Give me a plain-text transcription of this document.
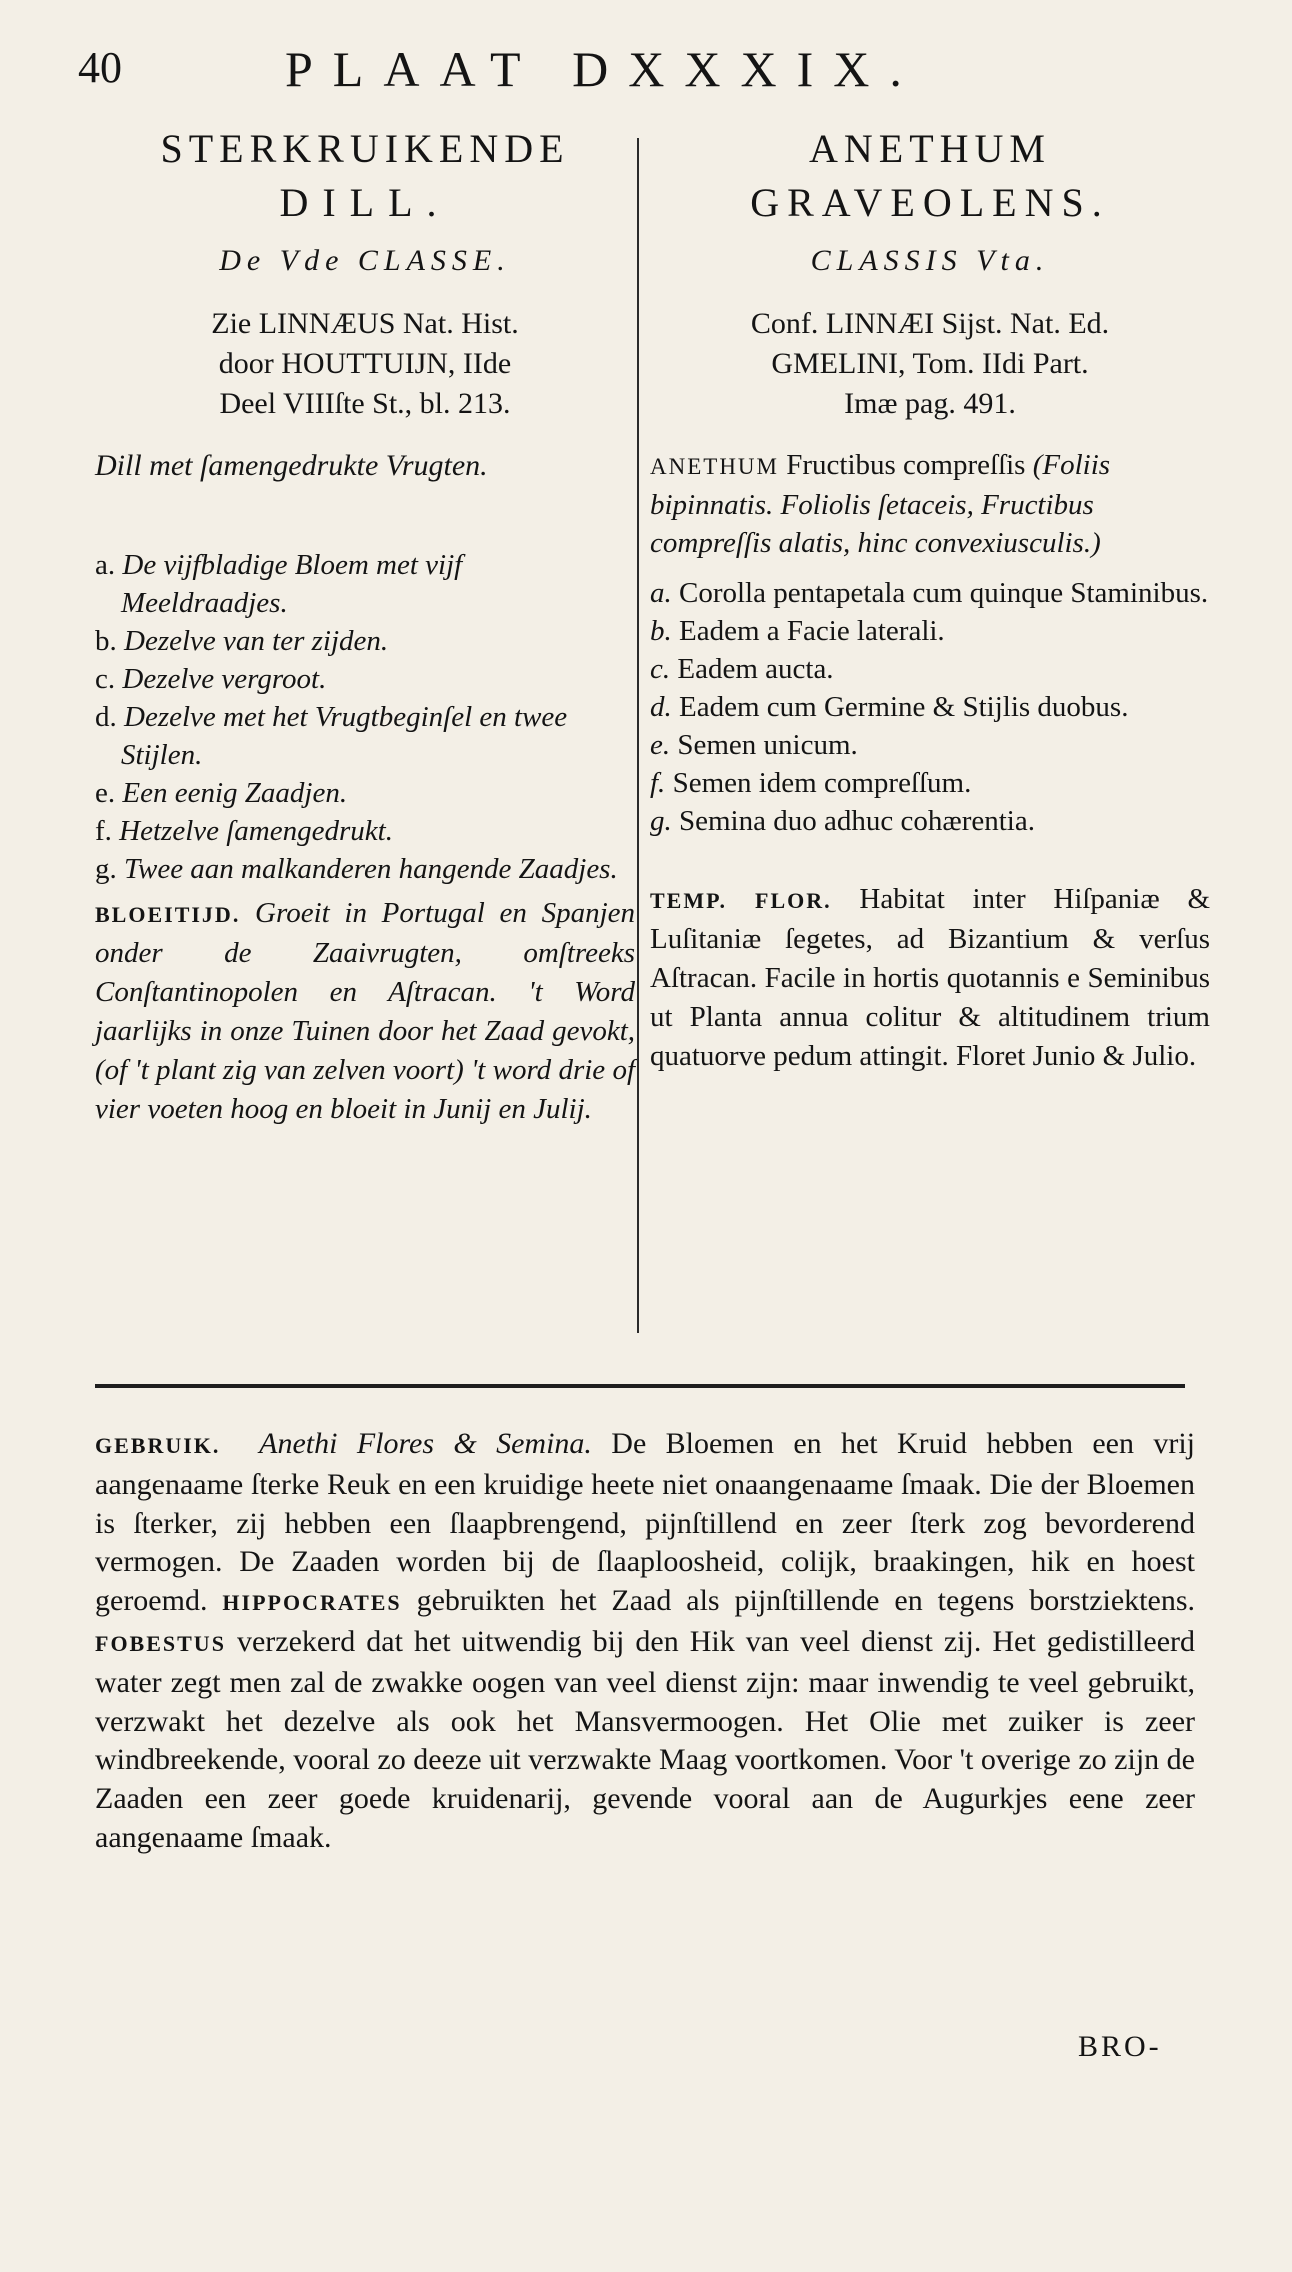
40	PLAAT DXXXIX.

STERKRUIKENDE

DILL.

De Vde CLASSE.

Zie LINNÆUS Nat. Hist.
door HOUTTUIJN, IIde
Deel VIIIſte St., bl. 213.

Dill met ſamengedrukte Vrugten.

a. De vijfbladige Bloem met vijf Meeldraadjes.

b. Dezelve van ter zijden.

c. Dezelve vergroot.

d. Dezelve met het Vrugtbeginſel en twee Stijlen.

e. Een eenig Zaadjen.

f. Hetzelve ſamengedrukt.

g. Twee aan malkanderen hangende Zaadjes.

BLOEITIJD. Groeit in Portugal en Spanjen onder de Zaaivrugten, omſtreeks Conſtantinopolen en Aſtracan. 't Word jaarlijks in onze Tuinen door het Zaad gevokt, (of 't plant zig van zelven voort) 't word drie of vier voeten hoog en bloeit in Junij en Julij.

ANETHUM

GRAVEOLENS.

CLASSIS Vta.

Conf. LINNÆI Sijst. Nat. Ed.
GMELINI, Tom. IIdi Part.
Imæ pag. 491.

ANETHUM Fructibus compreſſis (Foliis bipinnatis. Foliolis ſetaceis, Fructibus compreſſis alatis, hinc convexiusculis.)

a. Corolla pentapetala cum quinque Staminibus.

b. Eadem a Facie laterali.

c. Eadem aucta.

d. Eadem cum Germine & Stijlis duobus.

e. Semen unicum.

f. Semen idem compreſſum.

g. Semina duo adhuc cohærentia.

TEMP. FLOR. Habitat inter Hiſpaniæ & Luſitaniæ ſegetes, ad Bizantium & verſus Aſtracan. Facile in hortis quotannis e Seminibus ut Planta annua colitur & altitudinem trium quatuorve pedum attingit. Floret Junio & Julio.

GEBRUIK. Anethi Flores & Semina. De Bloemen en het Kruid hebben een vrij aangenaame ſterke Reuk en een kruidige heete niet onaangenaame ſmaak. Die der Bloemen is ſterker, zij hebben een ſlaapbrengend, pijnſtillend en zeer ſterk zog bevorderend vermogen. De Zaaden worden bij de ſlaaploosheid, colijk, braakingen, hik en hoest geroemd. HIPPOCRATES gebruikten het Zaad als pijnſtillende en tegens borstziektens. FOBESTUS verzekerd dat het uitwendig bij den Hik van veel dienst zij. Het gedistilleerd water zegt men zal de zwakke oogen van veel dienst zijn: maar inwendig te veel gebruikt, verzwakt het dezelve als ook het Mansvermoogen. Het Olie met zuiker is zeer windbreekende, vooral zo deeze uit verzwakte Maag voortkomen. Voor 't overige zo zijn de Zaaden een zeer goede kruidenarij, gevende vooral aan de Augurkjes eene zeer aangenaame ſmaak.

BRO-
